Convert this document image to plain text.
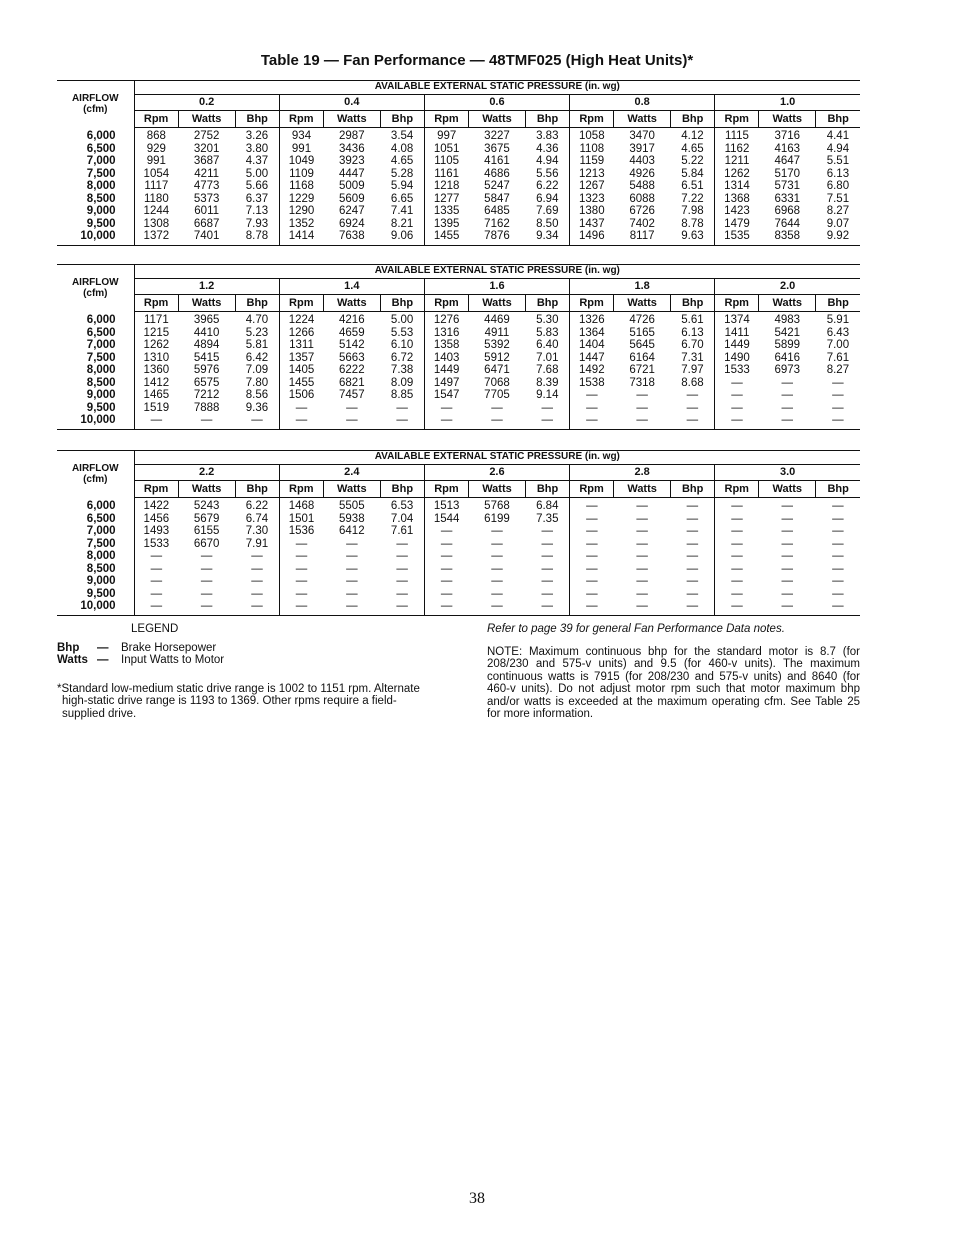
Table 19 — Fan Performance — 48TMF025 (High Heat Units)*
AIRFLOW
(cfm)	AVAILABLE EXTERNAL STATIC PRESSURE (in. wg)														
	0.2			0.4			0.6			0.8			1.0		
	Rpm	Watts	Bhp	Rpm	Watts	Bhp	Rpm	Watts	Bhp	Rpm	Watts	Bhp	Rpm	Watts	Bhp
6,000	868	2752	3.26	934	2987	3.54	997	3227	3.83	1058	3470	4.12	1115	3716	4.41
6,500	929	3201	3.80	991	3436	4.08	1051	3675	4.36	1108	3917	4.65	1162	4163	4.94
7,000	991	3687	4.37	1049	3923	4.65	1105	4161	4.94	1159	4403	5.22	1211	4647	5.51
7,500	1054	4211	5.00	1109	4447	5.28	1161	4686	5.56	1213	4926	5.84	1262	5170	6.13
8,000	1117	4773	5.66	1168	5009	5.94	1218	5247	6.22	1267	5488	6.51	1314	5731	6.80
8,500	1180	5373	6.37	1229	5609	6.65	1277	5847	6.94	1323	6088	7.22	1368	6331	7.51
9,000	1244	6011	7.13	1290	6247	7.41	1335	6485	7.69	1380	6726	7.98	1423	6968	8.27
9,500	1308	6687	7.93	1352	6924	8.21	1395	7162	8.50	1437	7402	8.78	1479	7644	9.07
10,000	1372	7401	8.78	1414	7638	9.06	1455	7876	9.34	1496	8117	9.63	1535	8358	9.92
AIRFLOW
(cfm)	AVAILABLE EXTERNAL STATIC PRESSURE (in. wg)														
	1.2			1.4			1.6			1.8			2.0		
	Rpm	Watts	Bhp	Rpm	Watts	Bhp	Rpm	Watts	Bhp	Rpm	Watts	Bhp	Rpm	Watts	Bhp
6,000	1171	3965	4.70	1224	4216	5.00	1276	4469	5.30	1326	4726	5.61	1374	4983	5.91
6,500	1215	4410	5.23	1266	4659	5.53	1316	4911	5.83	1364	5165	6.13	1411	5421	6.43
7,000	1262	4894	5.81	1311	5142	6.10	1358	5392	6.40	1404	5645	6.70	1449	5899	7.00
7,500	1310	5415	6.42	1357	5663	6.72	1403	5912	7.01	1447	6164	7.31	1490	6416	7.61
8,000	1360	5976	7.09	1405	6222	7.38	1449	6471	7.68	1492	6721	7.97	1533	6973	8.27
8,500	1412	6575	7.80	1455	6821	8.09	1497	7068	8.39	1538	7318	8.68	—	—	—
9,000	1465	7212	8.56	1506	7457	8.85	1547	7705	9.14	—	—	—	—	—	—
9,500	1519	7888	9.36	—	—	—	—	—	—	—	—	—	—	—	—
10,000	—	—	—	—	—	—	—	—	—	—	—	—	—	—	—
AIRFLOW
(cfm)	AVAILABLE EXTERNAL STATIC PRESSURE (in. wg)														
	2.2			2.4			2.6			2.8			3.0		
	Rpm	Watts	Bhp	Rpm	Watts	Bhp	Rpm	Watts	Bhp	Rpm	Watts	Bhp	Rpm	Watts	Bhp
6,000	1422	5243	6.22	1468	5505	6.53	1513	5768	6.84	—	—	—	—	—	—
6,500	1456	5679	6.74	1501	5938	7.04	1544	6199	7.35	—	—	—	—	—	—
7,000	1493	6155	7.30	1536	6412	7.61	—	—	—	—	—	—	—	—	—
7,500	1533	6670	7.91	—	—	—	—	—	—	—	—	—	—	—	—
8,000	—	—	—	—	—	—	—	—	—	—	—	—	—	—	—
8,500	—	—	—	—	—	—	—	—	—	—	—	—	—	—	—
9,000	—	—	—	—	—	—	—	—	—	—	—	—	—	—	—
9,500	—	—	—	—	—	—	—	—	—	—	—	—	—	—	—
10,000	—	—	—	—	—	—	—	—	—	—	—	—	—	—	—
LEGEND
Bhp	—	Brake Horsepower
Watts —	Input Watts to Motor
*Standard low-medium static drive range is 1002 to 1151 rpm. Alternate high-static drive range is 1193 to 1369. Other rpms require a field-supplied drive.
Refer to page 39 for general Fan Performance Data notes.
NOTE: Maximum continuous bhp for the standard motor is 8.7 (for 208/230 and 575-v units) and 9.5 (for 460-v units). The maximum continuous watts is 7915 (for 208/230 and 575-v units) and 8640 (for 460-v units). Do not adjust motor rpm such that motor maximum bhp and/or watts is exceeded at the maximum operating cfm. See Table 25 for more information.
38
